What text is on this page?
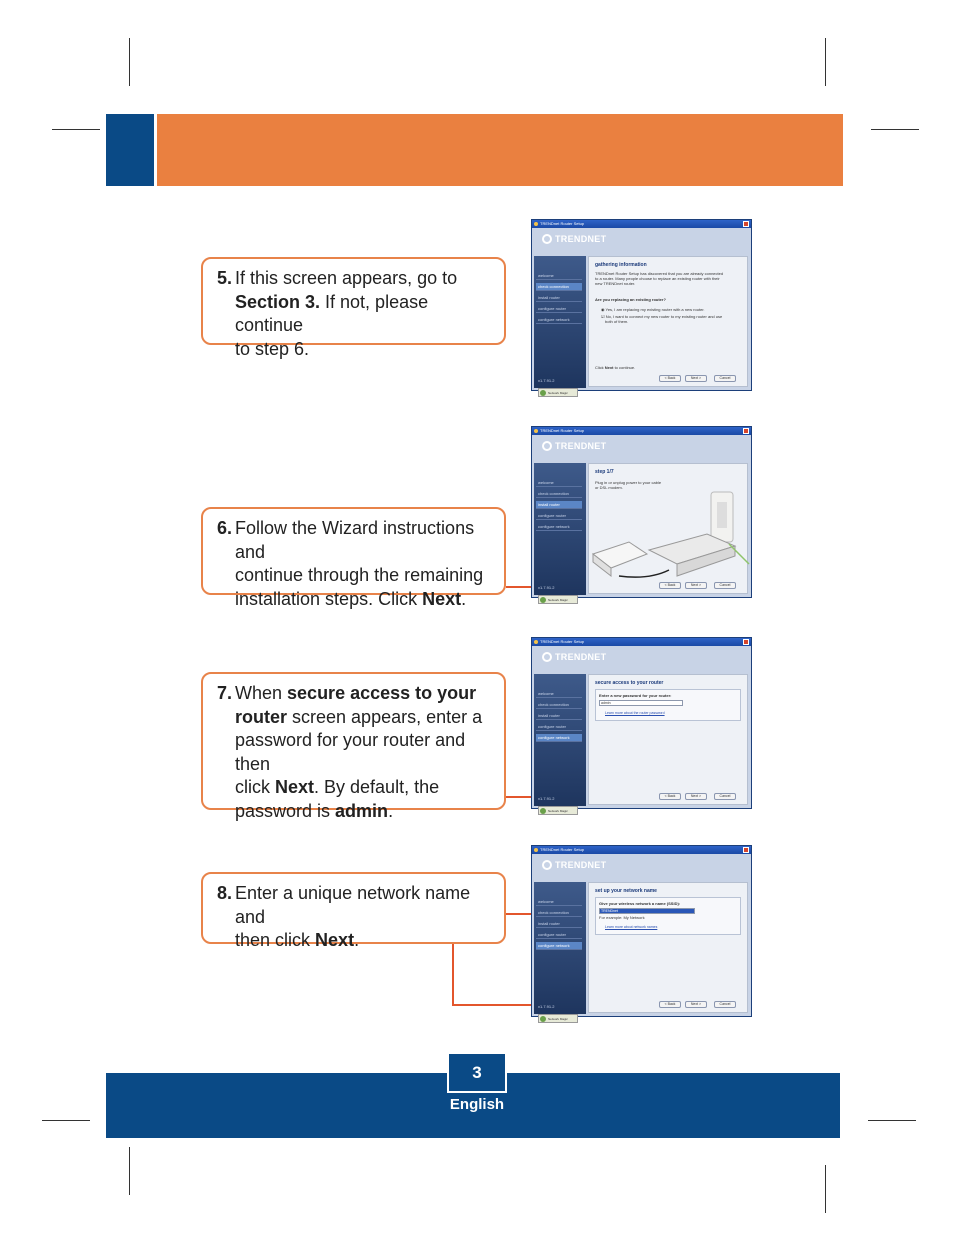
5. If this screen appears, go to
Section 3. If not, please continue
to step 6.
6. Follow the Wizard instructions and
continue through the remaining
installation steps. Click Next.
7. When secure access to your
router screen appears, enter a
password for your router and then
click Next. By default, the
password is admin.
8. Enter a unique network name and
then click Next.
TRENDnet Router Setup
TRENDNET
welcome
check connection
install router
configure router
configure network
v1.7.91.2
Network Magic
gathering information
TRENDnet Router Setup has discovered that you are already connected
to a router. Many people choose to replace an existing router with their
new TRENDnet router.
Are you replacing an existing router?
◉ Yes, I am replacing my existing router with a new router.
☑ No, I want to connect my new router to my existing router and use
both of them.
Click Next to continue.
< Back	Next >	Cancel
TRENDnet Router Setup
TRENDNET
welcome
check connection
install router
configure router
configure network
v1.7.91.2
Network Magic
step 1/7
Plug in or unplug power to your cable
or DSL modem.
< Back	Next >	Cancel
TRENDnet Router Setup
TRENDNET
welcome
check connection
install router
configure router
configure network
v1.7.91.2
Network Magic
secure access to your router
Enter a new password for your router:
admin
Learn more about the router password
< Back	Next >	Cancel
TRENDnet Router Setup
TRENDNET
welcome
check connection
install router
configure router
configure network
v1.7.91.2
Network Magic
set up your network name
Give your wireless network a name (SSID):
TRENDnet
For example: My Network
Learn more about network names
< Back	Next >	Cancel
3
English
